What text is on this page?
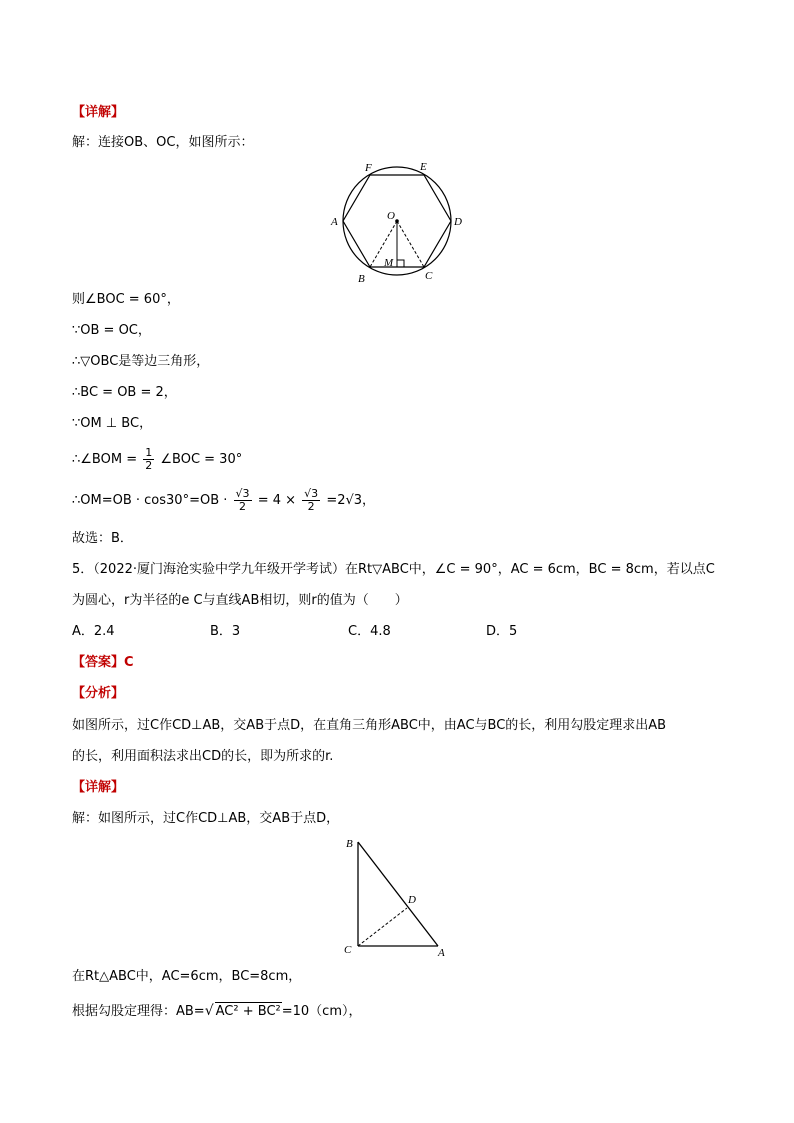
【详解】
解：连接OB、OC，如图所示：
F	E
A	O	D
M
B	C
则∠BOC = 60°，
∵OB = OC，
∴▽OBC是等边三角形，
∴BC = OB = 2，
∵OM ⊥ BC，
∴∠BOM = $\frac{1}{2}$ ∠BOC = 30°
∴OM=OB · $\cos 30^\circ=OB \cdot \frac{√3}{2} = 4 \times \frac{√3}{2} =2√3$，
故选：B．
5．（2022·厦门海沧实验中学九年级开学考试）在Rt▽ABC中，∠C = 90°，AC = 6cm，BC = 8cm，若以点C
为圆心，r为半径的e C与直线AB相切，则r的值为（　　）
A．2.4	B．3	C．4.8	D．5
【答案】C
【分析】
如图所示，过C作CD⊥AB，交AB于点D，在直角三角形ABC中，由AC与BC的长，利用勾股定理求出AB
的长，利用面积法求出CD的长，即为所求的r.
【详解】
解：如图所示，过C作CD⊥AB，交AB于点D，
B
D
C	A
在Rt△ABC中，AC=6cm，BC=8cm，
根据勾股定理得：AB=√ AC² + BC²=10（cm），
